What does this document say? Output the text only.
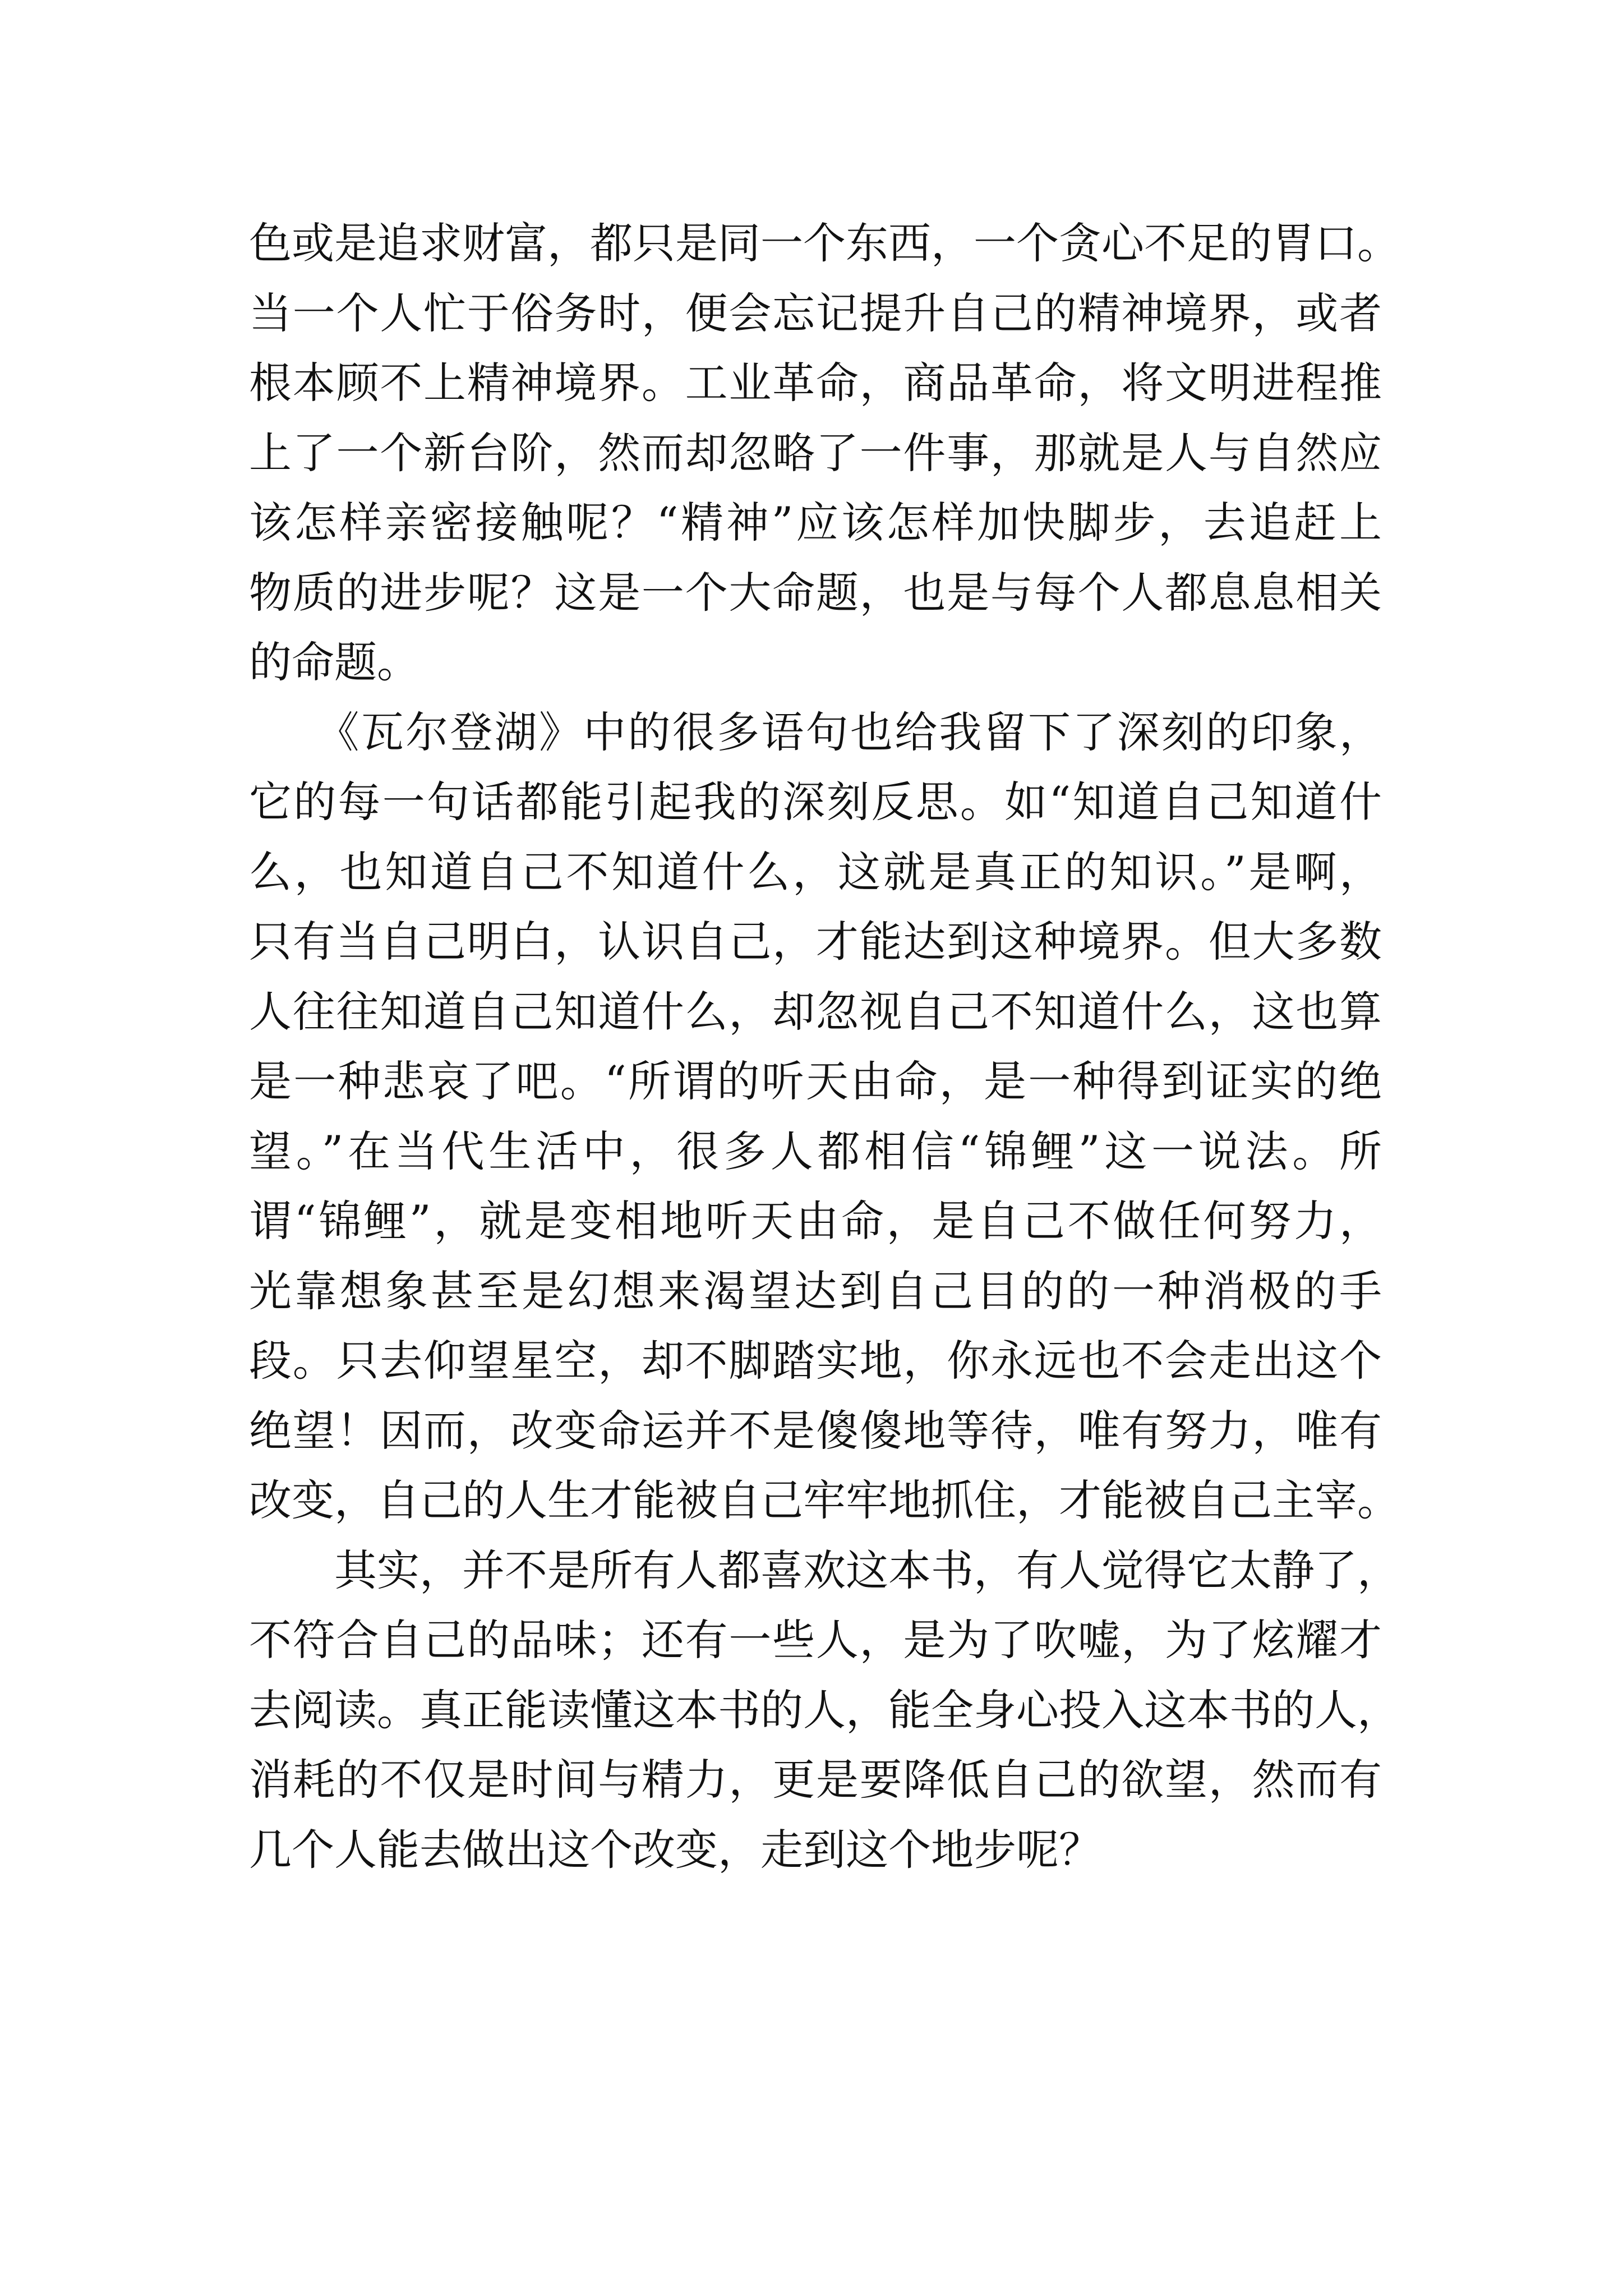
色或是追求财富，都只是同一个东西，一个贪心不足的胃口。
当一个人忙于俗务时，便会忘记提升自己的精神境界，或者
根本顾不上精神境界。工业革命，商品革命，将文明进程推
上了一个新台阶，然而却忽略了一件事，那就是人与自然应
该怎样亲密接触呢？“精神”应该怎样加快脚步，去追赶上
物质的进步呢？这是一个大命题，也是与每个人都息息相关
的命题。
　　《瓦尔登湖》中的很多语句也给我留下了深刻的印象，
它的每一句话都能引起我的深刻反思。如“知道自己知道什
么，也知道自己不知道什么，这就是真正的知识。”是啊，
只有当自己明白，认识自己，才能达到这种境界。但大多数
人往往知道自己知道什么，却忽视自己不知道什么，这也算
是一种悲哀了吧。“所谓的听天由命，是一种得到证实的绝
望。”在当代生活中，很多人都相信“锦鲤”这一说法。所
谓“锦鲤”，就是变相地听天由命，是自己不做任何努力，
光靠想象甚至是幻想来渴望达到自己目的的一种消极的手
段。只去仰望星空，却不脚踏实地，你永远也不会走出这个
绝望！因而，改变命运并不是傻傻地等待，唯有努力，唯有
改变，自己的人生才能被自己牢牢地抓住，才能被自己主宰。
　　其实，并不是所有人都喜欢这本书，有人觉得它太静了，
不符合自己的品味；还有一些人，是为了吹嘘，为了炫耀才
去阅读。真正能读懂这本书的人，能全身心投入这本书的人，
消耗的不仅是时间与精力，更是要降低自己的欲望，然而有
几个人能去做出这个改变，走到这个地步呢？
